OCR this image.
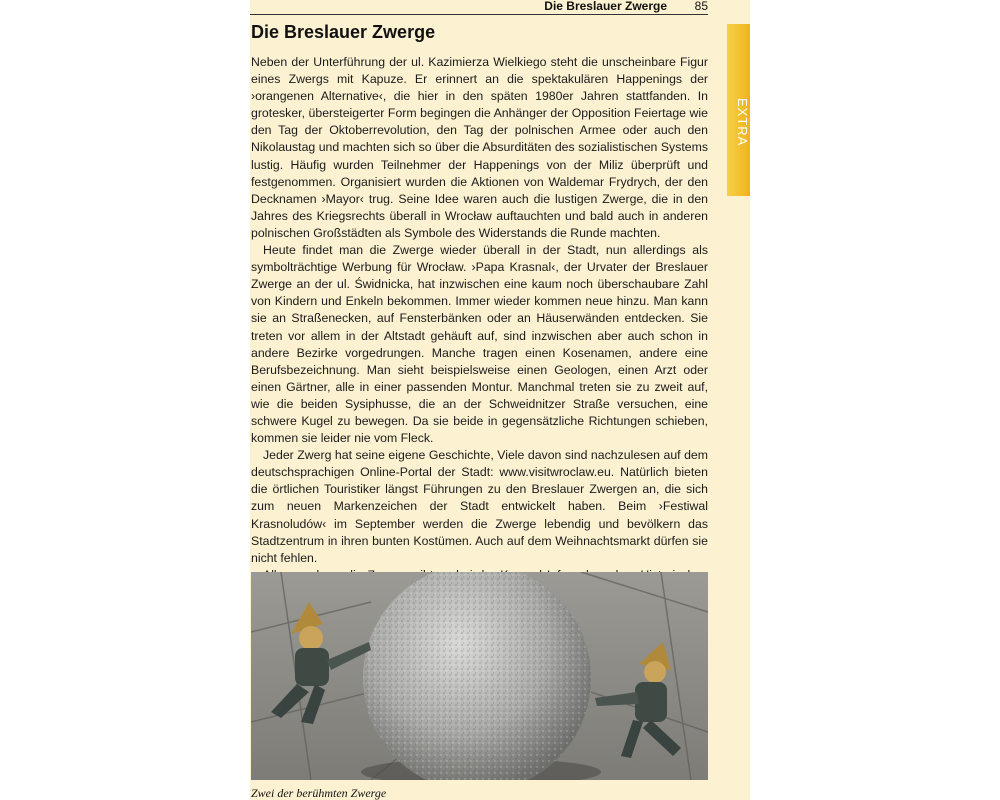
Die Breslauer Zwerge 85
Die Breslauer Zwerge

Neben der Unterführung der ul. Kazimierza Wielkiego steht die unscheinbare Figur eines Zwergs mit Kapuze. Er erinnert an die spektakulären Happenings der ›orangenen Alternative‹, die hier in den späten 1980er Jahren stattfanden. In grotesker, übersteigerter Form begingen die Anhänger der Opposition Feiertage wie den Tag der Oktoberrevolution, den Tag der polnischen Armee oder auch den Nikolaustag und machten sich so über die Absurditäten des sozialistischen Systems lustig. Häufig wurden Teilnehmer der Happenings von der Miliz überprüft und festgenommen. Organisiert wurden die Aktionen von Waldemar Frydrych, der den Decknamen ›Mayor‹ trug. Seine Idee waren auch die lustigen Zwerge, die in den Jahres des Kriegsrechts überall in Wrocław auftauchten und bald auch in anderen polnischen Großstädten als Symbole des Widerstands die Runde machten.

Heute findet man die Zwerge wieder überall in der Stadt, nun allerdings als symbolträchtige Werbung für Wrocław. ›Papa Krasnal‹, der Urvater der Breslauer Zwerge an der ul. Świdnicka, hat inzwischen eine kaum noch überschaubare Zahl von Kindern und Enkeln bekommen. Immer wieder kommen neue hinzu. Man kann sie an Straßenecken, auf Fensterbänken oder an Häuserwänden entdecken. Sie treten vor allem in der Altstadt gehäuft auf, sind inzwischen aber auch schon in andere Bezirke vorgedrungen. Manche tragen einen Kosenamen, andere eine Berufsbezeichnung. Man sieht beispielsweise einen Geologen, einen Arzt oder einen Gärtner, alle in einer passenden Montur. Manchmal treten sie zu zweit auf, wie die beiden Sysiphusse, die an der Schweidnitzer Straße versuchen, eine schwere Kugel zu bewegen. Da sie beide in gegensätzliche Richtungen schieben, kommen sie leider nie vom Fleck.

Jeder Zwerg hat seine eigene Geschichte, Viele davon sind nachzulesen auf dem deutschsprachigen Online-Portal der Stadt: www.visitwroclaw.eu. Natürlich bieten die örtlichen Touristiker längst Führungen zu den Breslauer Zwergen an, die sich zum neuen Markenzeichen der Stadt entwickelt haben. Beim ›Festiwal Krasnoludów‹ im September werden die Zwerge lebendig und bevölkern das Stadtzentrum in ihren bunten Kostümen. Auch auf dem Weihnachtsmarkt dürfen sie nicht fehlen.

EXTRA
Zwei der berühmten Zwerge
